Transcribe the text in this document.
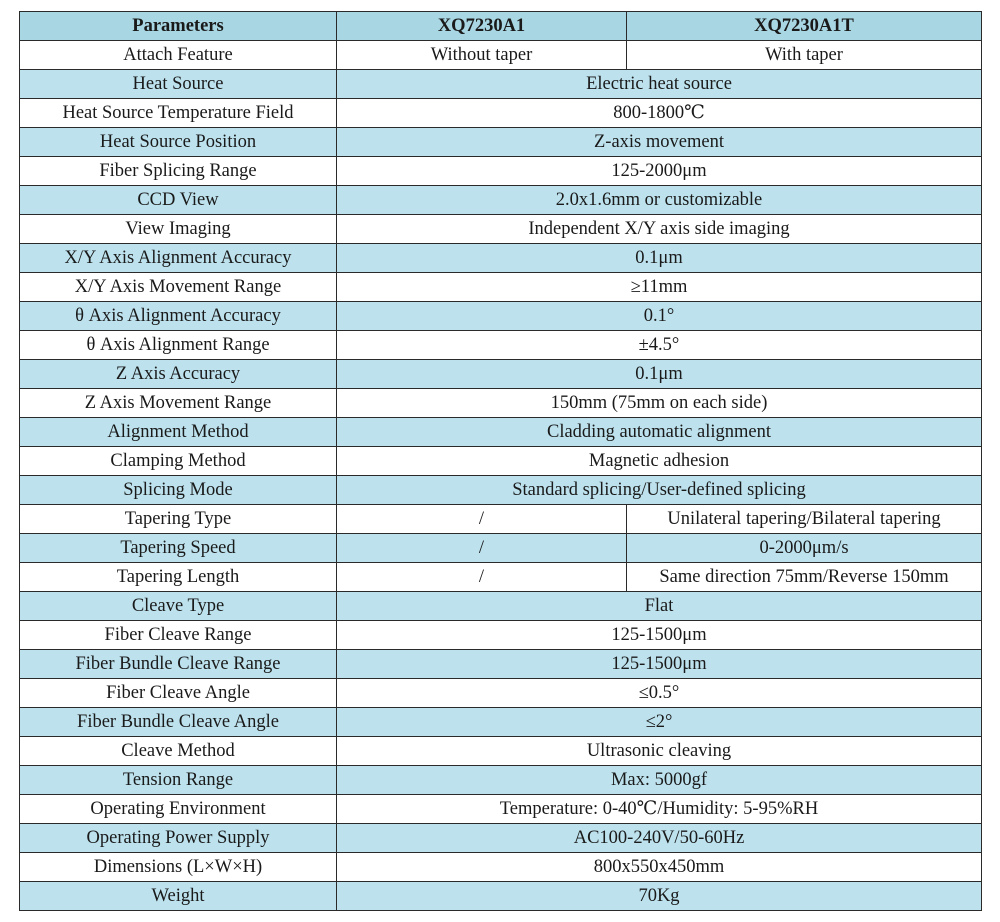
Parameters	XQ7230A1	XQ7230A1T
Attach Feature	Without taper	With taper
Heat Source	Electric heat source	
Heat Source Temperature Field	800-1800℃	
Heat Source Position	Z-axis movement	
Fiber Splicing Range	125-2000μm	
CCD View	2.0x1.6mm or customizable	
View Imaging	Independent X/Y axis side imaging	
X/Y Axis Alignment Accuracy	0.1μm	
X/Y Axis Movement Range	≥11mm	
θ Axis Alignment Accuracy	0.1°	
θ Axis Alignment Range	±4.5°	
Z Axis Accuracy	0.1μm	
Z Axis Movement Range	150mm (75mm on each side)	
Alignment Method	Cladding automatic alignment	
Clamping Method	Magnetic adhesion	
Splicing Mode	Standard splicing/User-defined splicing	
Tapering Type	/	Unilateral tapering/Bilateral tapering
Tapering Speed	/	0-2000μm/s
Tapering Length	/	Same direction 75mm/Reverse 150mm
Cleave Type	Flat	
Fiber Cleave Range	125-1500μm	
Fiber Bundle Cleave Range	125-1500μm	
Fiber Cleave Angle	≤0.5°	
Fiber Bundle Cleave Angle	≤2°	
Cleave Method	Ultrasonic cleaving	
Tension Range	Max: 5000gf	
Operating Environment	Temperature: 0-40℃/Humidity: 5-95%RH	
Operating Power Supply	AC100-240V/50-60Hz	
Dimensions (L×W×H)	800x550x450mm	
Weight	70Kg	
